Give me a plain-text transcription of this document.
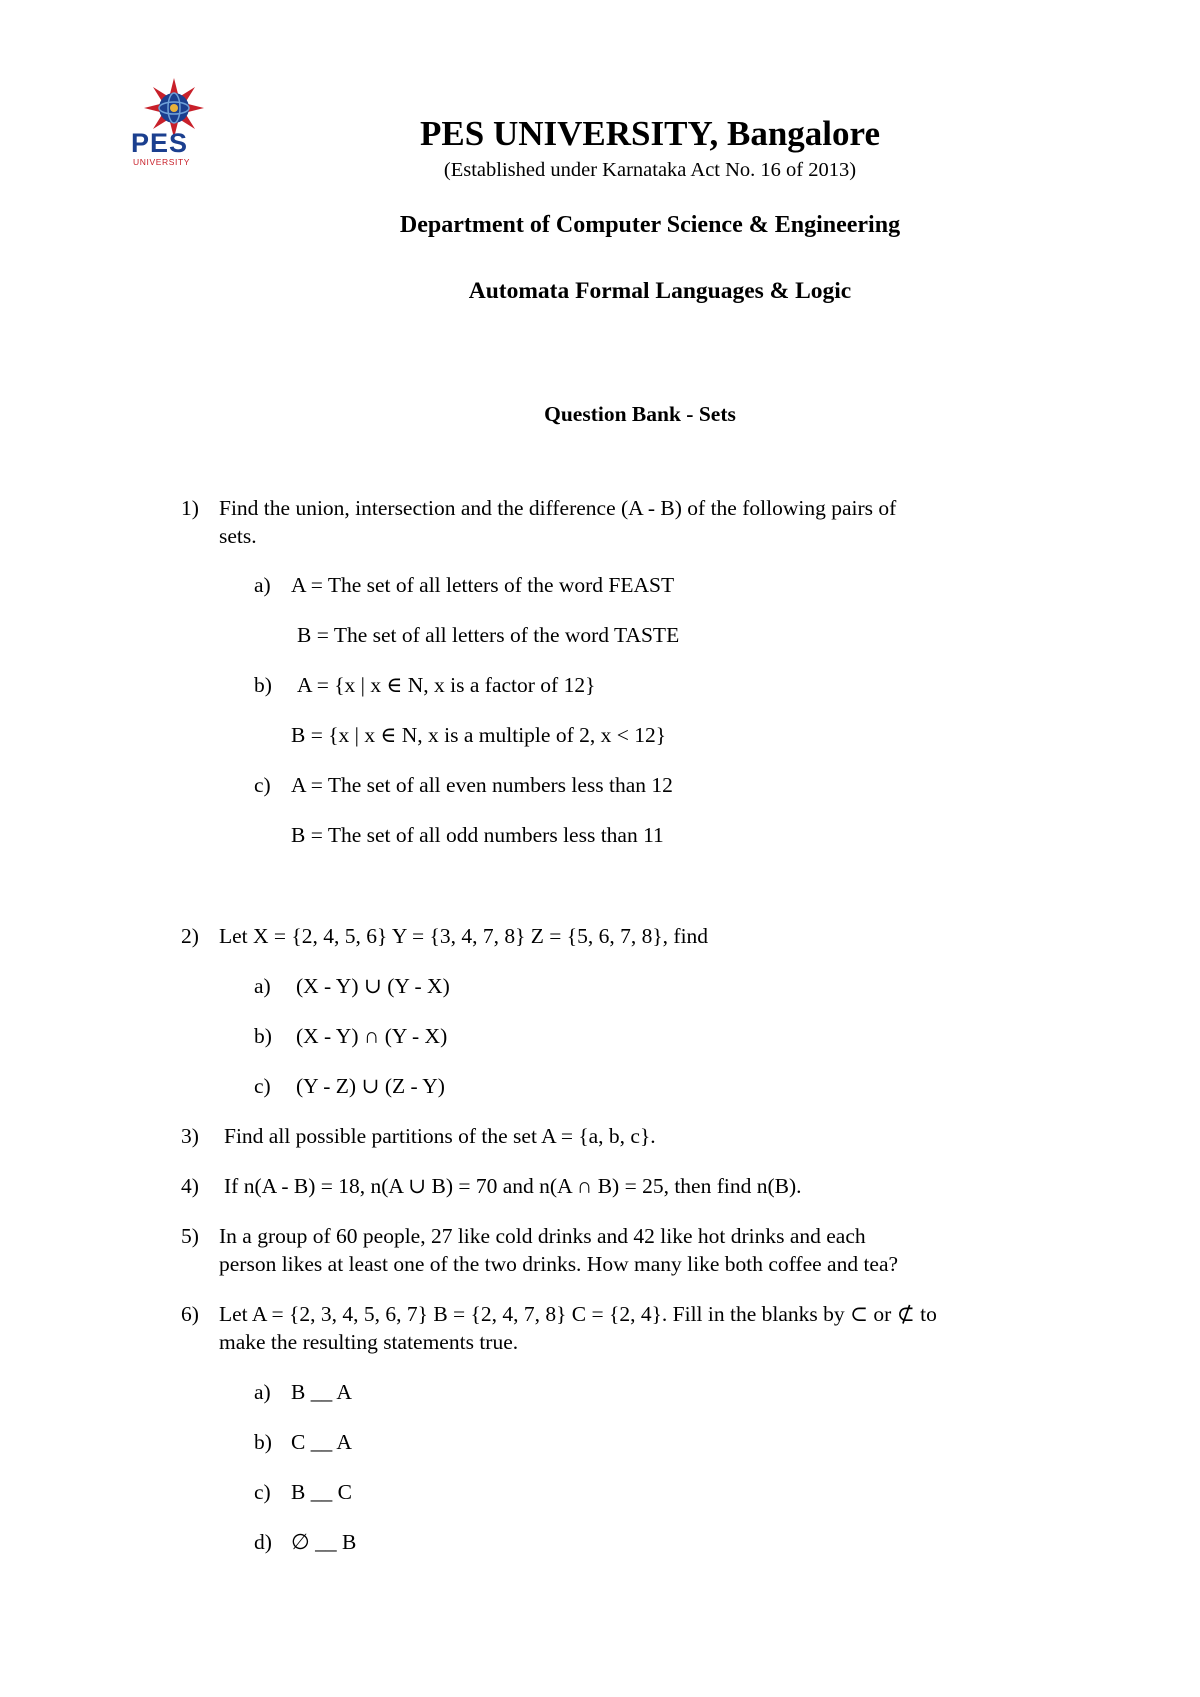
PES
UNIVERSITY
PES UNIVERSITY, Bangalore
(Established under Karnataka Act No. 16 of 2013)
Department of Computer Science & Engineering
Automata Formal Languages & Logic
Question Bank - Sets
1) Find the union, intersection and the difference (A - B) of the following pairs of
sets.
a) A = The set of all letters of the word FEAST
B = The set of all letters of the word TASTE
b) A = {x | x ∈ N, x is a factor of 12}
B = {x | x ∈ N, x is a multiple of 2, x < 12}
c) A = The set of all even numbers less than 12
B = The set of all odd numbers less than 11
2) Let X = {2, 4, 5, 6} Y = {3, 4, 7, 8} Z = {5, 6, 7, 8}, find
a) (X - Y) ∪ (Y - X)
b) (X - Y) ∩ (Y - X)
c) (Y - Z) ∪ (Z - Y)
3) Find all possible partitions of the set A = {a, b, c}.
4) If n(A - B) = 18, n(A ∪ B) = 70 and n(A ∩ B) = 25, then find n(B).
5) In a group of 60 people, 27 like cold drinks and 42 like hot drinks and each
person likes at least one of the two drinks. How many like both coffee and tea?
6) Let A = {2, 3, 4, 5, 6, 7} B = {2, 4, 7, 8} C = {2, 4}. Fill in the blanks by ⊂ or ⊄ to
make the resulting statements true.
a) B __ A
b) C __ A
c) B __ C
d) ∅ __ B
